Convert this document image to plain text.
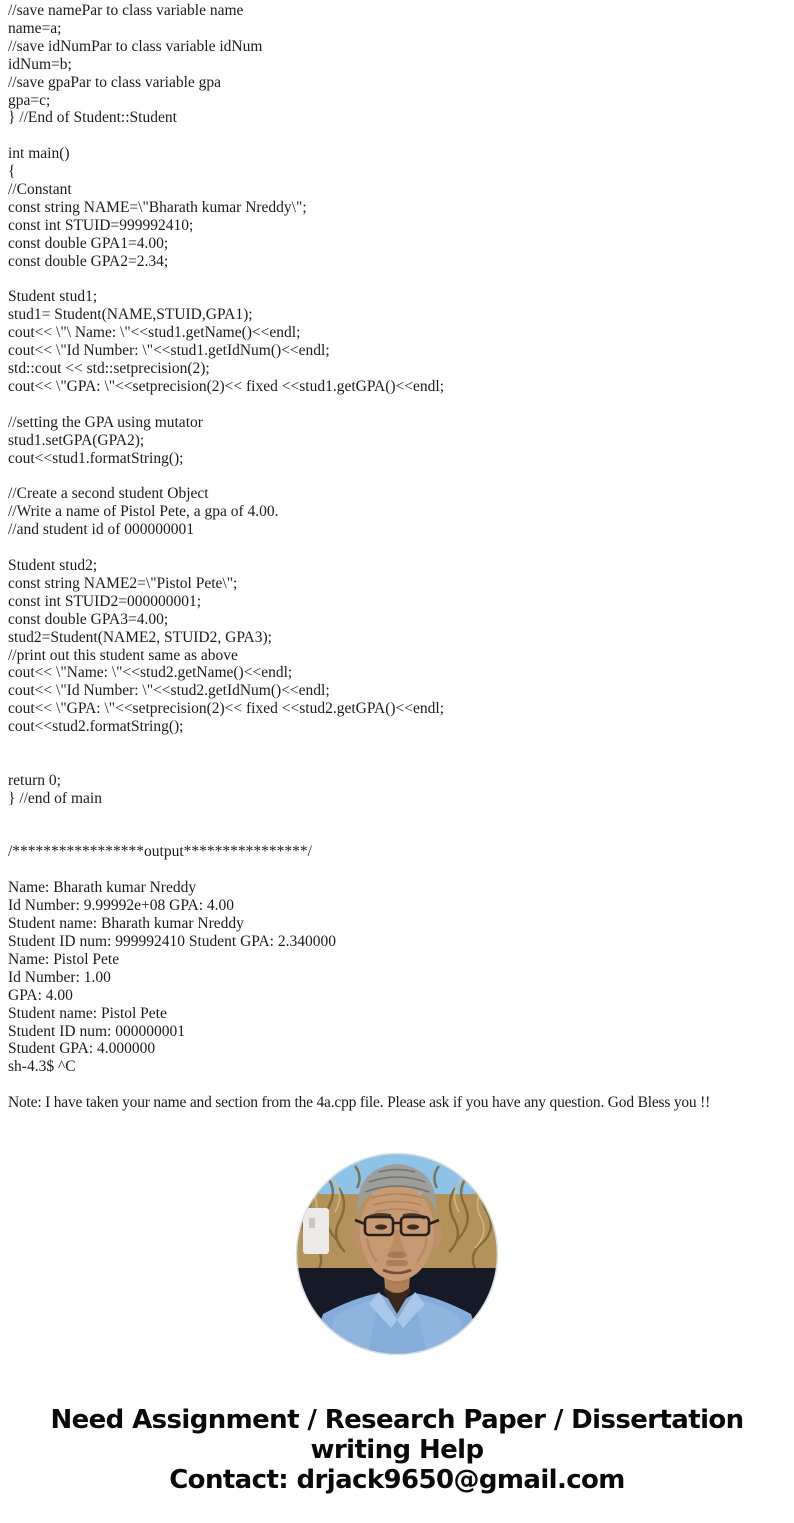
//save namePar to class variable name
name=a;
//save idNumPar to class variable idNum
idNum=b;
//save gpaPar to class variable gpa
gpa=c;
} //End of Student::Student
int main()
{
//Constant
const string NAME=\"Bharath kumar Nreddy\";
const int STUID=999992410;
const double GPA1=4.00;
const double GPA2=2.34;
Student stud1;
stud1= Student(NAME,STUID,GPA1);
cout<< \"\ Name: \"<<stud1.getName()<<endl;
cout<< \"Id Number: \"<<stud1.getIdNum()<<endl;
std::cout << std::setprecision(2);
cout<< \"GPA: \"<<setprecision(2)<< fixed <<stud1.getGPA()<<endl;
//setting the GPA using mutator
stud1.setGPA(GPA2);
cout<<stud1.formatString();
//Create a second student Object
//Write a name of Pistol Pete, a gpa of 4.00.
//and student id of 000000001
Student stud2;
const string NAME2=\"Pistol Pete\";
const int STUID2=000000001;
const double GPA3=4.00;
stud2=Student(NAME2, STUID2, GPA3);
//print out this student same as above
cout<< \"Name: \"<<stud2.getName()<<endl;
cout<< \"Id Number: \"<<stud2.getIdNum()<<endl;
cout<< \"GPA: \"<<setprecision(2)<< fixed <<stud2.getGPA()<<endl;
cout<<stud2.formatString();
return 0;
} //end of main
/*****************output****************/
Name: Bharath kumar Nreddy
Id Number: 9.99992e+08 GPA: 4.00
Student name: Bharath kumar Nreddy
Student ID num: 999992410 Student GPA: 2.340000
Name: Pistol Pete
Id Number: 1.00
GPA: 4.00
Student name: Pistol Pete
Student ID num: 000000001
Student GPA: 4.000000
sh-4.3$ ^C
Note: I have taken your name and section from the 4a.cpp file. Please ask if you have any question. God Bless you !!
Need Assignment / Research Paper / Dissertation
writing Help
Contact: drjack9650@gmail.com
